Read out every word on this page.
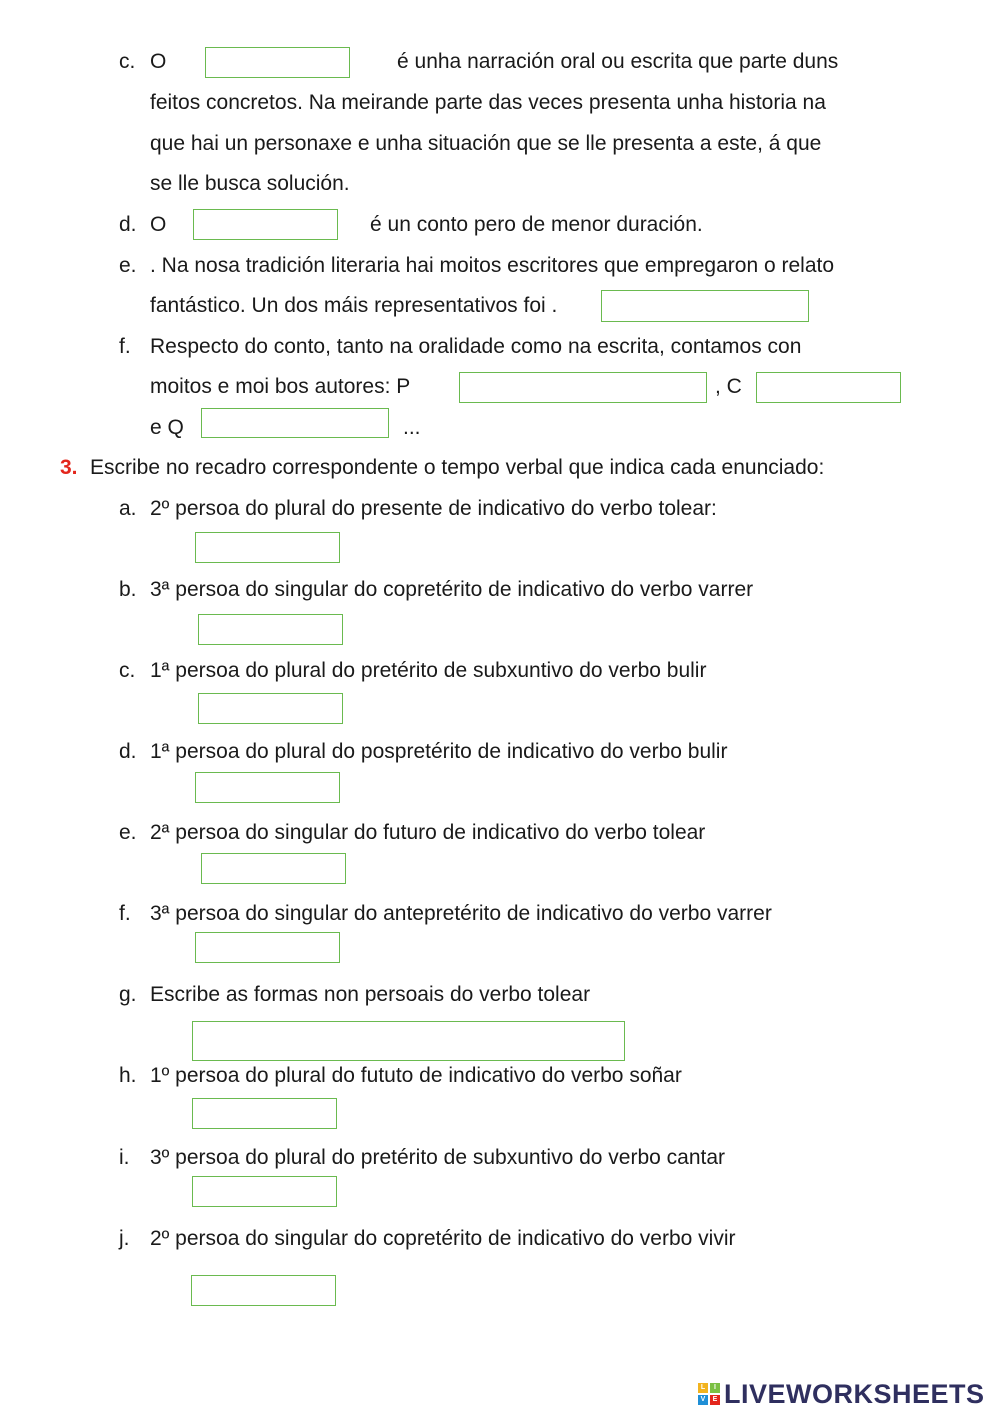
c. O	é unha narración oral ou escrita que parte duns
feitos concretos. Na meirande parte das veces presenta unha historia na
que hai un personaxe e unha situación que se lle presenta a este, á que
se lle busca solución.
d. O	é un conto pero de menor duración.
e. . Na nosa tradición literaria hai moitos escritores que empregaron o relato
fantástico. Un dos máis representativos foi .
f. Respecto do conto, tanto na oralidade como na escrita, contamos con
moitos e moi bos autores: P	, C
e Q	...
3. Escribe no recadro correspondente o tempo verbal que indica cada enunciado:
a. 2º persoa do plural do presente de indicativo do verbo tolear:
b. 3ª persoa do singular do copretérito de indicativo do verbo varrer
c. 1ª persoa do plural do pretérito de subxuntivo do verbo bulir
d. 1ª persoa do plural do pospretérito de indicativo do verbo bulir
e. 2ª persoa do singular do futuro de indicativo do verbo tolear
f. 3ª persoa do singular do antepretérito de indicativo do verbo varrer
g. Escribe as formas non persoais do verbo tolear
h. 1º persoa do plural do fututo de indicativo do verbo soñar
i. 3º persoa do plural do pretérito de subxuntivo do verbo cantar
j. 2º persoa do singular do copretérito de indicativo do verbo vivir
L	I
V	E LIVEWORKSHEETS
